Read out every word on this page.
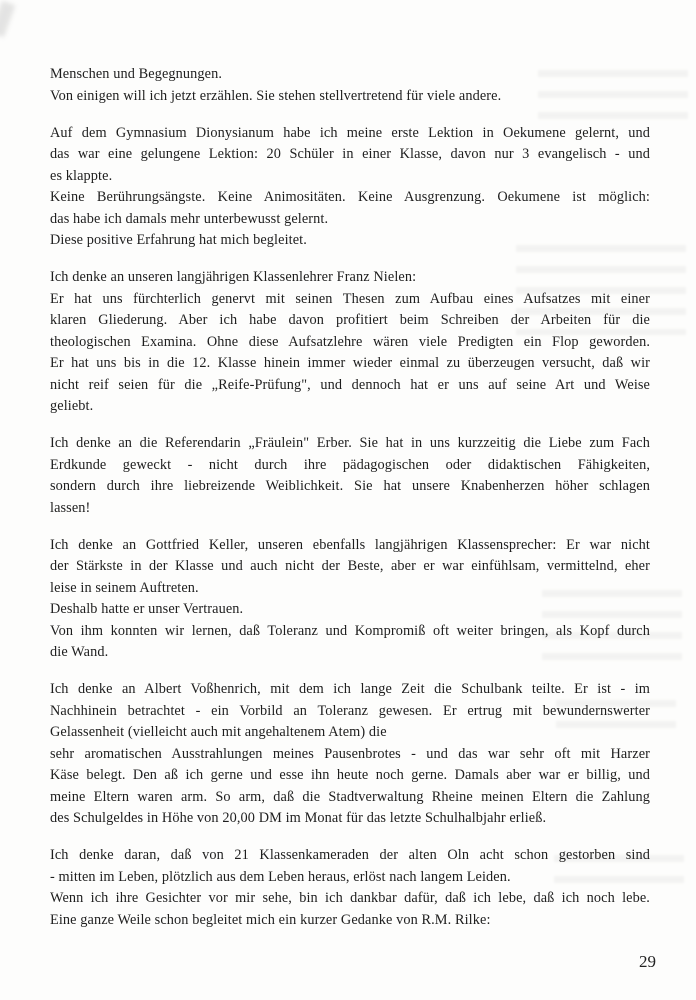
Menschen und Begegnungen.
Von einigen will ich jetzt erzählen. Sie stehen stellvertretend für viele andere.

Auf dem Gymnasium Dionysianum habe ich meine erste Lektion in Oekumene gelernt, und
das war eine gelungene Lektion: 20 Schüler in einer Klasse, davon nur 3 evangelisch - und
es klappte.
Keine Berührungsängste. Keine Animositäten. Keine Ausgrenzung. Oekumene ist möglich:
das habe ich damals mehr unterbewusst gelernt.
Diese positive Erfahrung hat mich begleitet.

Ich denke an unseren langjährigen Klassenlehrer Franz Nielen:
Er hat uns fürchterlich genervt mit seinen Thesen zum Aufbau eines Aufsatzes mit einer
klaren Gliederung. Aber ich habe davon profitiert beim Schreiben der Arbeiten für die
theologischen Examina. Ohne diese Aufsatzlehre wären viele Predigten ein Flop geworden.
Er hat uns bis in die 12. Klasse hinein immer wieder einmal zu überzeugen versucht, daß wir
nicht reif seien für die „Reife-Prüfung", und dennoch hat er uns auf seine Art und Weise
geliebt.

Ich denke an die Referendarin „Fräulein" Erber. Sie hat in uns kurzzeitig die Liebe zum Fach
Erdkunde geweckt - nicht durch ihre pädagogischen oder didaktischen Fähigkeiten,
sondern durch ihre liebreizende Weiblichkeit. Sie hat unsere Knabenherzen höher schlagen
lassen!

Ich denke an Gottfried Keller, unseren ebenfalls langjährigen Klassensprecher: Er war nicht
der Stärkste in der Klasse und auch nicht der Beste, aber er war einfühlsam, vermittelnd, eher
leise in seinem Auftreten.
Deshalb hatte er unser Vertrauen.
Von ihm konnten wir lernen, daß Toleranz und Kompromiß oft weiter bringen, als Kopf durch
die Wand.

Ich denke an Albert Voßhenrich, mit dem ich lange Zeit die Schulbank teilte. Er ist - im
Nachhinein betrachtet - ein Vorbild an Toleranz gewesen. Er ertrug mit bewundernswerter
Gelassenheit (vielleicht auch mit angehaltenem Atem) die
sehr aromatischen Ausstrahlungen meines Pausenbrotes - und das war sehr oft mit Harzer
Käse belegt. Den aß ich gerne und esse ihn heute noch gerne. Damals aber war er billig, und
meine Eltern waren arm. So arm, daß die Stadtverwaltung Rheine meinen Eltern die Zahlung
des Schulgeldes in Höhe von 20,00 DM im Monat für das letzte Schulhalbjahr erließ.

Ich denke daran, daß von 21 Klassenkameraden der alten Oln acht schon gestorben sind
- mitten im Leben, plötzlich aus dem Leben heraus, erlöst nach langem Leiden.
Wenn ich ihre Gesichter vor mir sehe, bin ich dankbar dafür, daß ich lebe, daß ich noch lebe.
Eine ganze Weile schon begleitet mich ein kurzer Gedanke von R.M. Rilke:

29
